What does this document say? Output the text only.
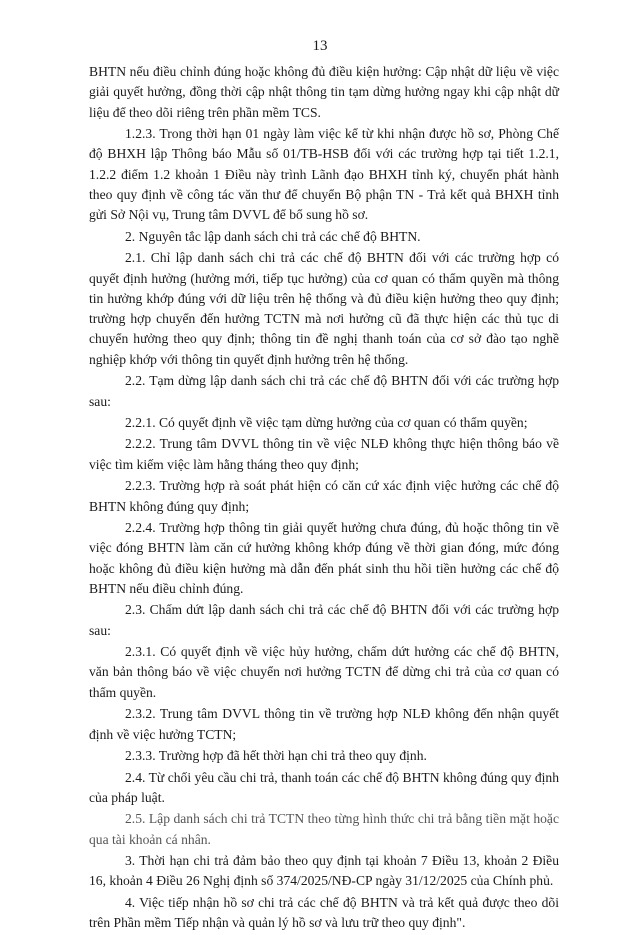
13

BHTN nếu điều chỉnh đúng hoặc không đủ điều kiện hưởng: Cập nhật dữ liệu về việc giải quyết hưởng, đồng thời cập nhật thông tin tạm dừng hưởng ngay khi cập nhật dữ liệu để theo dõi riêng trên phần mềm TCS.

1.2.3. Trong thời hạn 01 ngày làm việc kể từ khi nhận được hồ sơ, Phòng Chế độ BHXH lập Thông báo Mẫu số 01/TB-HSB đối với các trường hợp tại tiết 1.2.1, 1.2.2 điểm 1.2 khoản 1 Điều này trình Lãnh đạo BHXH tỉnh ký, chuyển phát hành theo quy định về công tác văn thư để chuyển Bộ phận TN - Trả kết quả BHXH tỉnh gửi Sở Nội vụ, Trung tâm DVVL để bổ sung hồ sơ.

2. Nguyên tắc lập danh sách chi trả các chế độ BHTN.

2.1. Chỉ lập danh sách chi trả các chế độ BHTN đối với các trường hợp có quyết định hưởng (hưởng mới, tiếp tục hưởng) của cơ quan có thẩm quyền mà thông tin hưởng khớp đúng với dữ liệu trên hệ thống và đủ điều kiện hưởng theo quy định; trường hợp chuyển đến hưởng TCTN mà nơi hưởng cũ đã thực hiện các thủ tục di chuyển hưởng theo quy định; thông tin đề nghị thanh toán của cơ sở đào tạo nghề nghiệp khớp với thông tin quyết định hưởng trên hệ thống.

2.2. Tạm dừng lập danh sách chi trả các chế độ BHTN đối với các trường hợp sau:

2.2.1. Có quyết định về việc tạm dừng hưởng của cơ quan có thẩm quyền;

2.2.2. Trung tâm DVVL thông tin về việc NLĐ không thực hiện thông báo về việc tìm kiếm việc làm hằng tháng theo quy định;

2.2.3. Trường hợp rà soát phát hiện có căn cứ xác định việc hưởng các chế độ BHTN không đúng quy định;

2.2.4. Trường hợp thông tin giải quyết hưởng chưa đúng, đủ hoặc thông tin về việc đóng BHTN làm căn cứ hưởng không khớp đúng về thời gian đóng, mức đóng hoặc không đủ điều kiện hưởng mà dẫn đến phát sinh thu hồi tiền hưởng các chế độ BHTN nếu điều chỉnh đúng.

2.3. Chấm dứt lập danh sách chi trả các chế độ BHTN đối với các trường hợp sau:

2.3.1. Có quyết định về việc hủy hưởng, chấm dứt hưởng các chế độ BHTN, văn bản thông báo về việc chuyển nơi hưởng TCTN để dừng chi trả của cơ quan có thẩm quyền.

2.3.2. Trung tâm DVVL thông tin về trường hợp NLĐ không đến nhận quyết định về việc hưởng TCTN;

2.3.3. Trường hợp đã hết thời hạn chi trả theo quy định.

2.4. Từ chối yêu cầu chi trả, thanh toán các chế độ BHTN không đúng quy định của pháp luật.

2.5. Lập danh sách chi trả TCTN theo từng hình thức chi trả bằng tiền mặt hoặc qua tài khoản cá nhân.

3. Thời hạn chi trả đảm bảo theo quy định tại khoản 7 Điều 13, khoản 2 Điều 16, khoản 4 Điều 26 Nghị định số 374/2025/NĐ-CP ngày 31/12/2025 của Chính phủ.

4. Việc tiếp nhận hồ sơ chi trả các chế độ BHTN và trả kết quả được theo dõi trên Phần mềm Tiếp nhận và quản lý hồ sơ và lưu trữ theo quy định".
